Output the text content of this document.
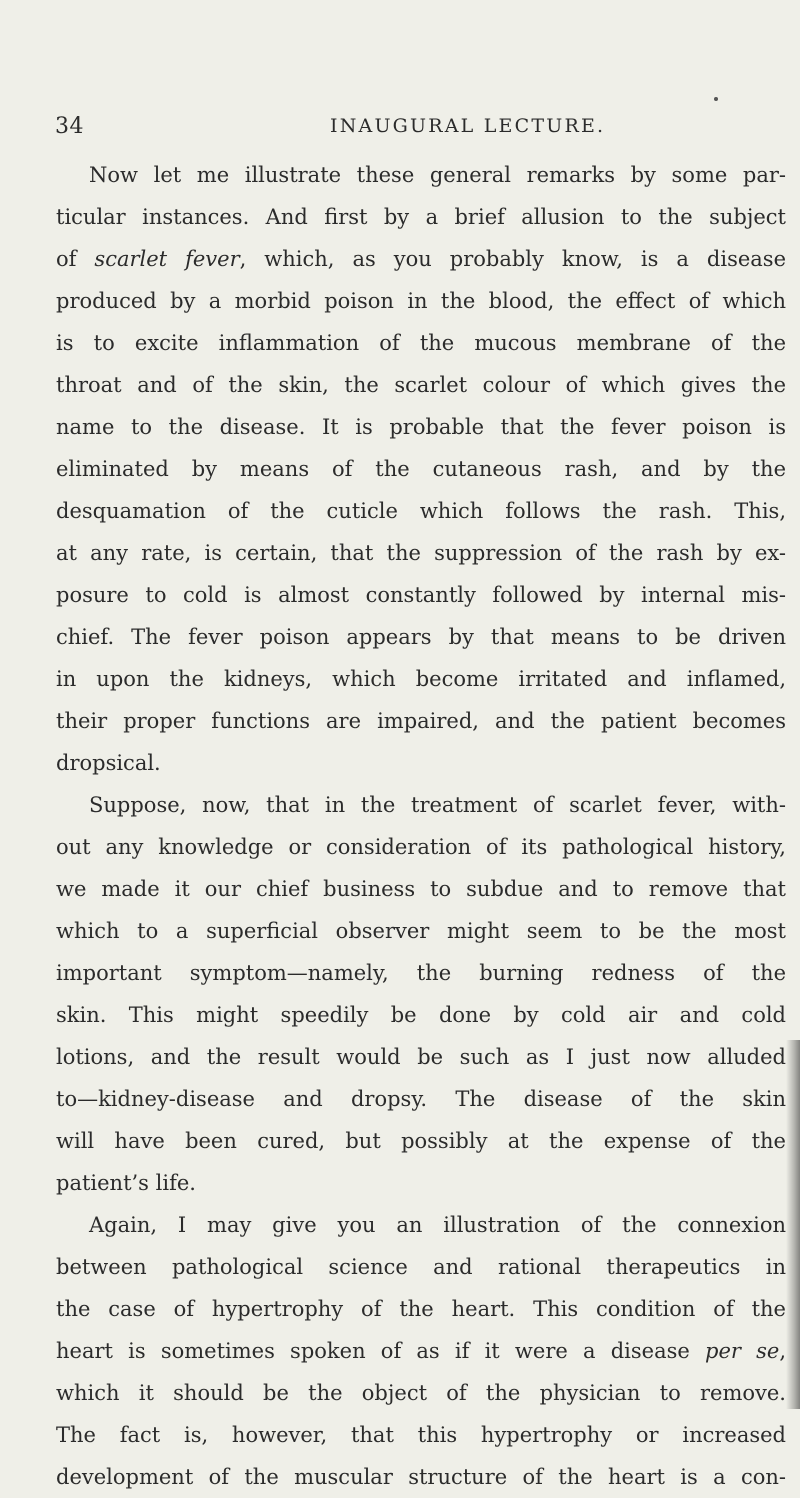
34	INAUGURAL LECTURE.
Now let me illustrate these general remarks by some par-
ticular instances. And first by a brief allusion to the subject
of scarlet fever, which, as you probably know, is a disease
produced by a morbid poison in the blood, the effect of which
is to excite inflammation of the mucous membrane of the
throat and of the skin, the scarlet colour of which gives the
name to the disease. It is probable that the fever poison is
eliminated by means of the cutaneous rash, and by the
desquamation of the cuticle which follows the rash. This,
at any rate, is certain, that the suppression of the rash by ex-
posure to cold is almost constantly followed by internal mis-
chief. The fever poison appears by that means to be driven
in upon the kidneys, which become irritated and inflamed,
their proper functions are impaired, and the patient becomes
dropsical.
Suppose, now, that in the treatment of scarlet fever, with-
out any knowledge or consideration of its pathological history,
we made it our chief business to subdue and to remove that
which to a superficial observer might seem to be the most
important symptom—namely, the burning redness of the
skin. This might speedily be done by cold air and cold
lotions, and the result would be such as I just now alluded
to—kidney-disease and dropsy. The disease of the skin
will have been cured, but possibly at the expense of the
patient’s life.
Again, I may give you an illustration of the connexion
between pathological science and rational therapeutics in
the case of hypertrophy of the heart. This condition of the
heart is sometimes spoken of as if it were a disease per se,
which it should be the object of the physician to remove.
The fact is, however, that this hypertrophy or increased
development of the muscular structure of the heart is a con-
